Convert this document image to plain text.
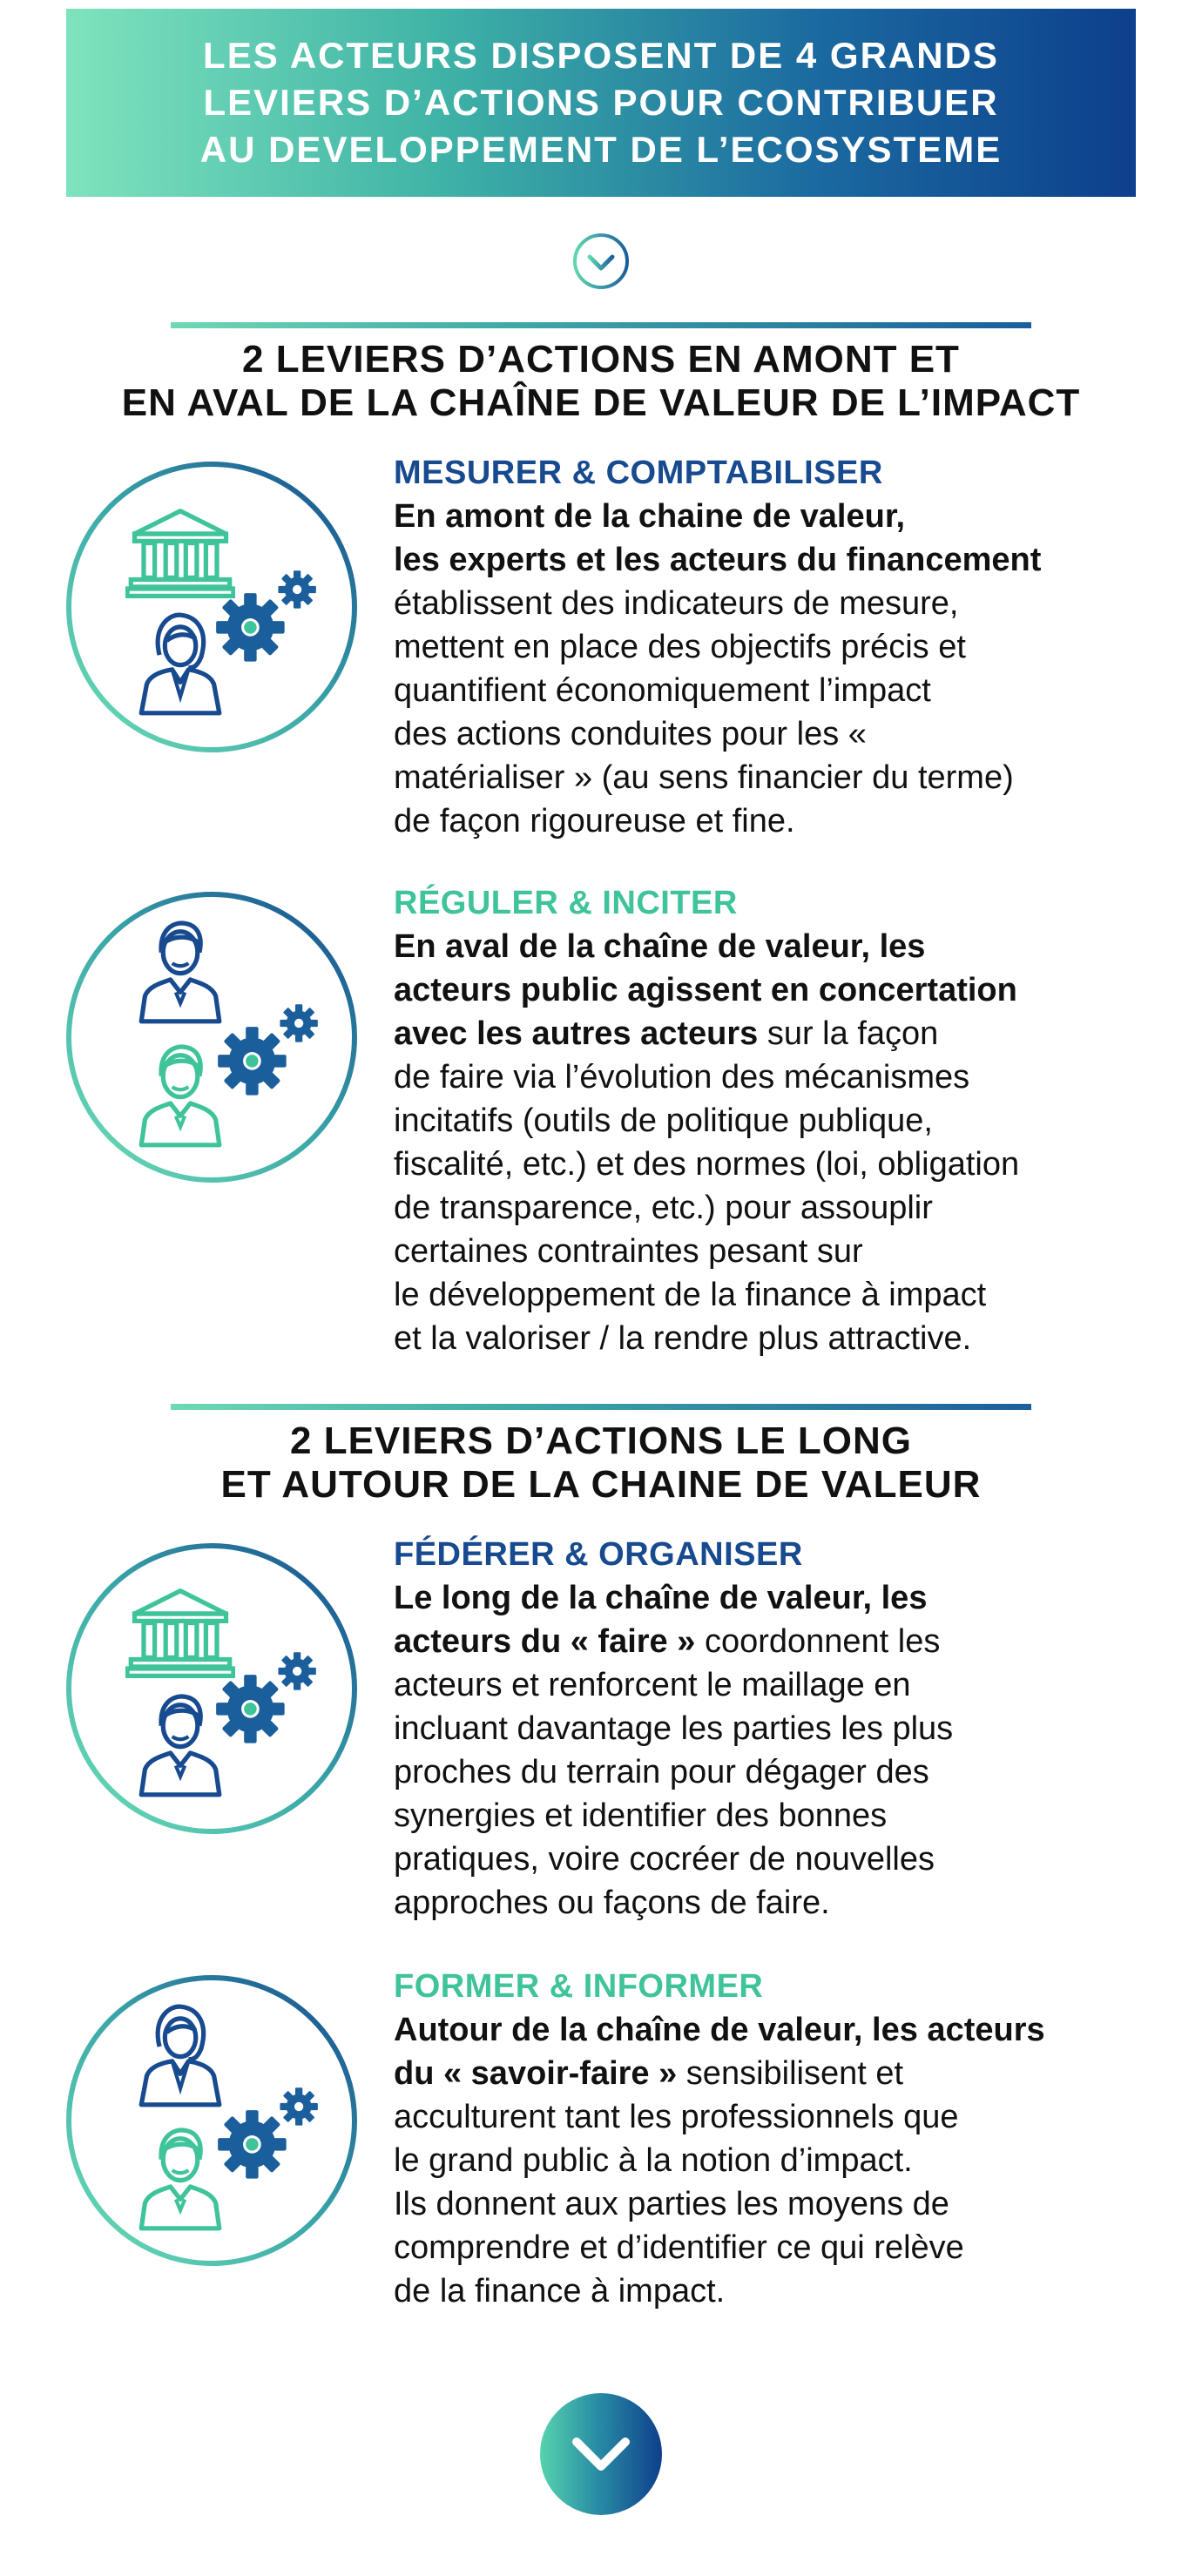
LES ACTEURS DISPOSENT DE 4 GRANDS
LEVIERS D’ACTIONS POUR CONTRIBUER
AU DEVELOPPEMENT DE L’ECOSYSTEME
2 LEVIERS D’ACTIONS EN AMONT ET
EN AVAL DE LA CHAÎNE DE VALEUR DE L’IMPACT

MESURER & COMPTABILISER

En amont de la chaine de valeur,
les experts et les acteurs du financement
établissent des indicateurs de mesure,
mettent en place des objectifs précis et
quantifient économiquement l’impact
des actions conduites pour les «
matérialiser » (au sens financier du terme)
de façon rigoureuse et fine.

RÉGULER & INCITER

En aval de la chaîne de valeur, les
acteurs public agissent en concertation
avec les autres acteurs sur la façon
de faire via l’évolution des mécanismes
incitatifs (outils de politique publique,
fiscalité, etc.) et des normes (loi, obligation
de transparence, etc.) pour assouplir
certaines contraintes pesant sur
le développement de la finance à impact
et la valoriser / la rendre plus attractive.

2 LEVIERS D’ACTIONS LE LONG
ET AUTOUR DE LA CHAINE DE VALEUR

FÉDÉRER & ORGANISER

Le long de la chaîne de valeur, les
acteurs du « faire » coordonnent les
acteurs et renforcent le maillage en
incluant davantage les parties les plus
proches du terrain pour dégager des
synergies et identifier des bonnes
pratiques, voire cocréer de nouvelles
approches ou façons de faire.

FORMER & INFORMER

Autour de la chaîne de valeur, les acteurs
du « savoir-faire » sensibilisent et
acculturent tant les professionnels que
le grand public à la notion d’impact.
Ils donnent aux parties les moyens de
comprendre et d’identifier ce qui relève
de la finance à impact.
